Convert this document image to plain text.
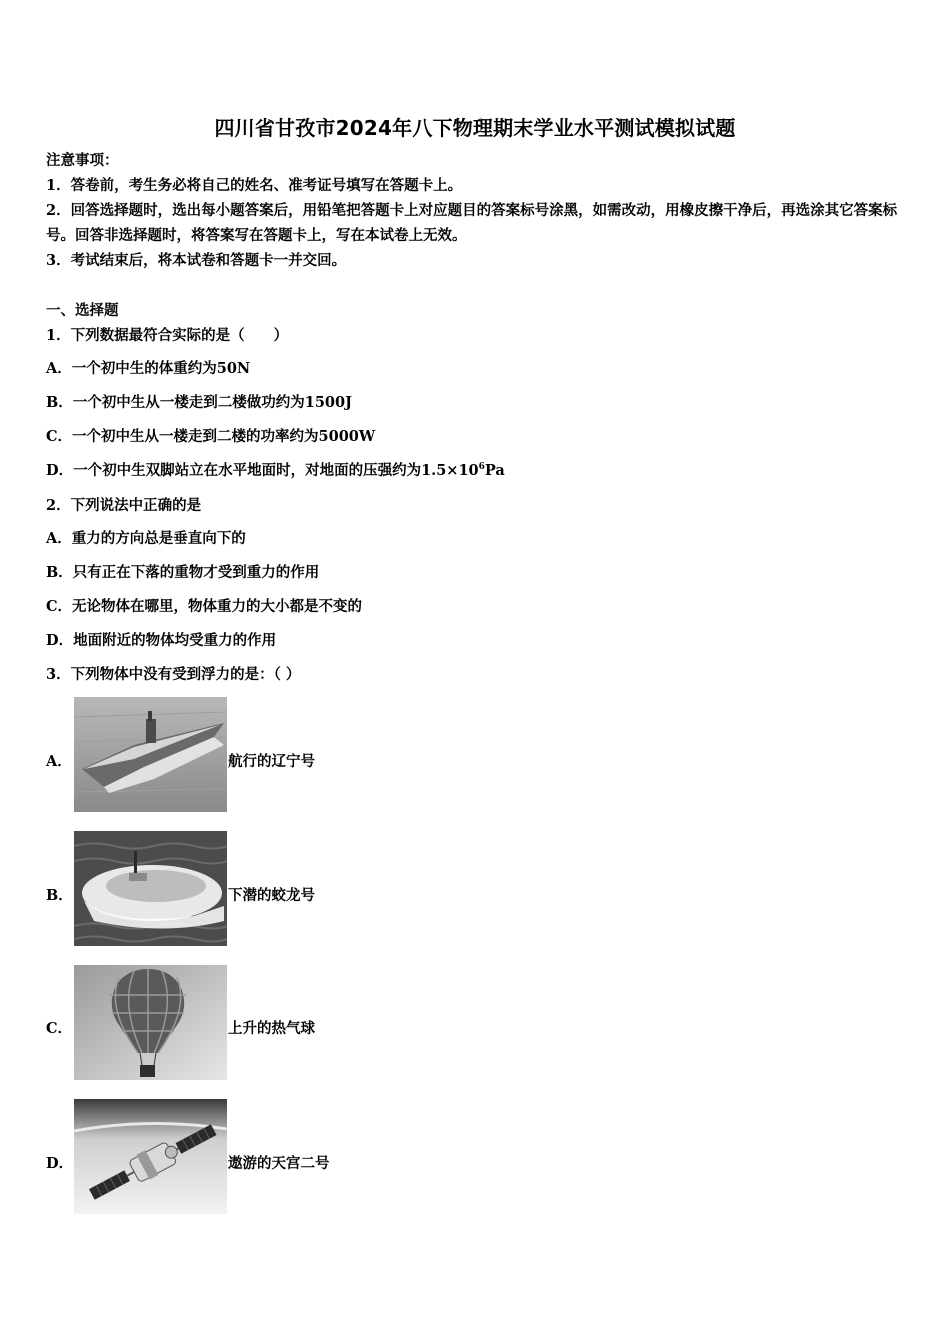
四川省甘孜市2024年八下物理期末学业水平测试模拟试题
注意事项：
1．答卷前，考生务必将自己的姓名、准考证号填写在答题卡上。
2．回答选择题时，选出每小题答案后，用铅笔把答题卡上对应题目的答案标号涂黑，如需改动，用橡皮擦干净后，再选涂其它答案标号。回答非选择题时，将答案写在答题卡上，写在本试卷上无效。
3．考试结束后，将本试卷和答题卡一并交回。
一、选择题
1．下列数据最符合实际的是（　　）
A．一个初中生的体重约为50N
B．一个初中生从一楼走到二楼做功约为1500J
C．一个初中生从一楼走到二楼的功率约为5000W
D．一个初中生双脚站立在水平地面时，对地面的压强约为$1.5\times 10^6Pa$
2．下列说法中正确的是
A．重力的方向总是垂直向下的
B．只有正在下落的重物才受到重力的作用
C．无论物体在哪里，物体重力的大小都是不变的
D．地面附近的物体均受重力的作用
3．下列物体中没有受到浮力的是：（ ）
A．	航行的辽宁号
B．	下潜的蛟龙号
C．	上升的热气球
D．	遨游的天宫二号
